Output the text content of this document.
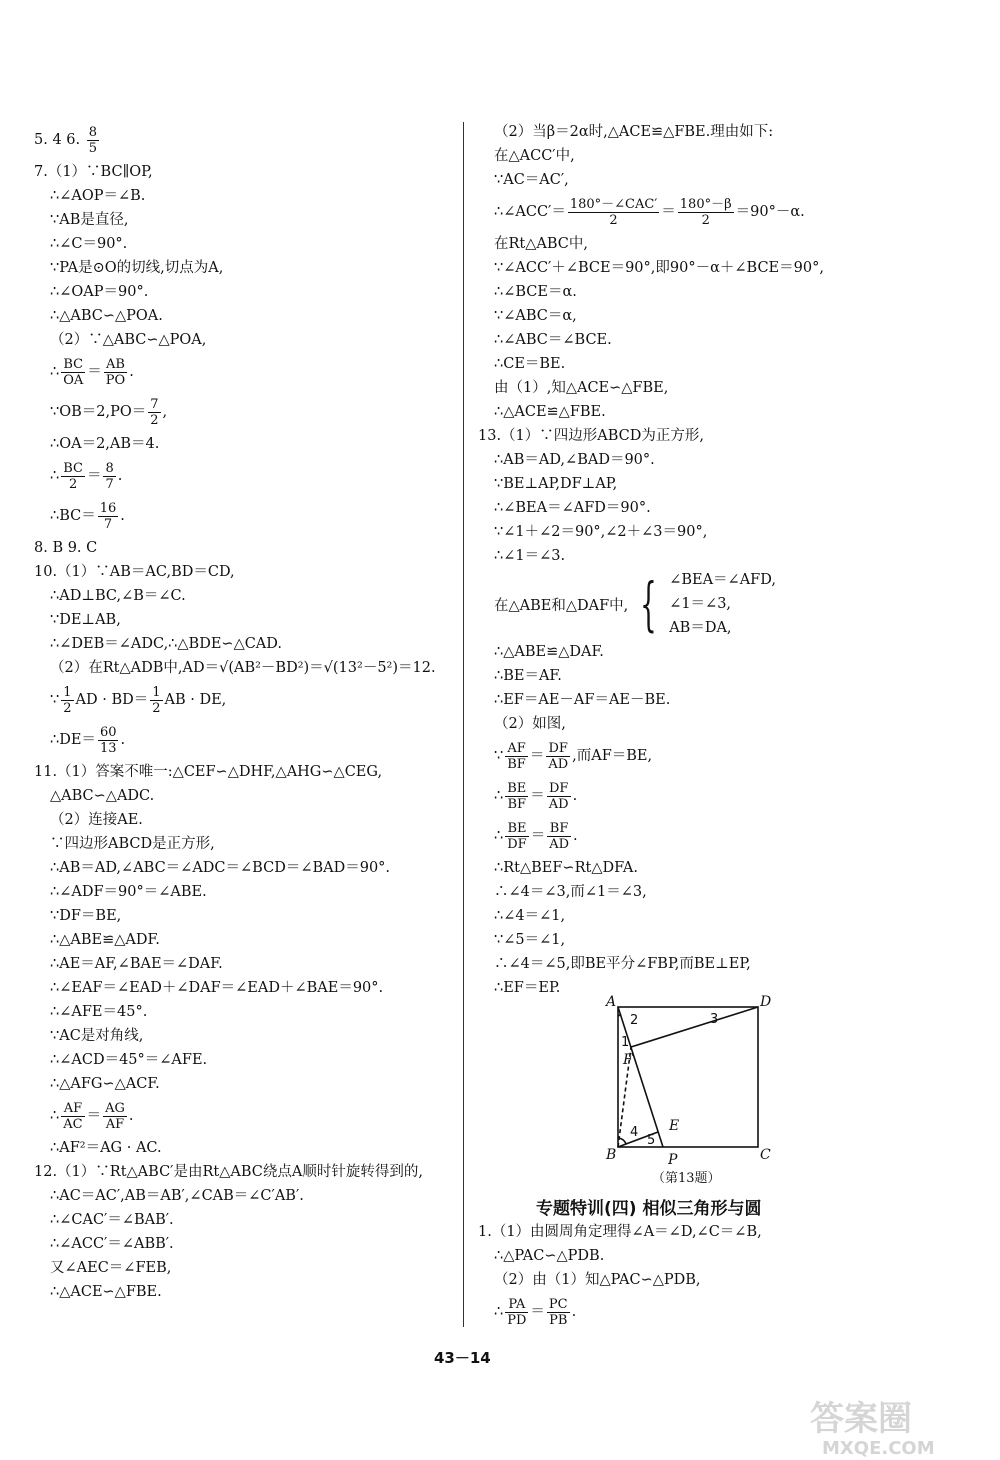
5. 4 6. $\frac{8}{5}$
7.（1）∵BC∥OP,
∴∠AOP＝∠B.
∵AB是直径,
∴∠C＝90°.
∵PA是⊙O的切线,切点为A,
∴∠OAP＝90°.
∴△ABC∽△POA.
（2）∵△ABC∽△POA,
∴ $\frac{BC}{OA} = \frac{AB}{PO}$ .
∵OB＝2,PO＝ $\frac{7}{2}$ ,
∴OA＝2,AB＝4.
∴ $\frac{BC}{2} = \frac{8}{7}$ .
∴BC＝ $\frac{16}{7}$ .
8. B 9. C
10.（1）∵AB＝AC,BD＝CD,
∴AD⊥BC,∠B＝∠C.
∵DE⊥AB,
∴∠DEB＝∠ADC,∴△BDE∽△CAD.
（2）在Rt△ADB中,AD＝√(AB²－BD²)＝√(13²－5²)＝12.
∵ $\frac{1}{2}$ AD · $BD= \frac{1}{2}$ AB · DE,
∴DE＝ $\frac{60}{13}$ .
11.（1）答案不唯一:△CEF∽△DHF,△AHG∽△CEG,
△ABC∽△ADC.
（2）连接AE.
∵四边形ABCD是正方形,
∴AB＝AD,∠ABC＝∠ADC＝∠BCD＝∠BAD＝90°.
∴∠ADF＝90°＝∠ABE.
∵DF＝BE,
∴△ABE≌△ADF.
∴AE＝AF,∠BAE＝∠DAF.
∴∠EAF＝∠EAD＋∠DAF＝∠EAD＋∠BAE＝90°.
∴∠AFE＝45°.
∵AC是对角线,
∴∠ACD＝45°＝∠AFE.
∴△AFG∽△ACF.
∴ $\frac{AF}{AC} = \frac{AG}{AF}$ .
∴AF²＝AG · AC.
12.（1）∵Rt△ABC′是由Rt△ABC绕点A顺时针旋转得到的,
∴AC＝AC′,AB＝AB′,∠CAB＝∠C′AB′.
∴∠CAC′＝∠BAB′.
∴∠ACC′＝∠ABB′.
又∠AEC＝∠FEB,
∴△ACE∽△FBE.
（2）当β＝2α时,△ACE≌△FBE.理由如下:
在△ACC′中,
∵AC＝AC′,
∴∠ACC′＝ $\frac{\text{180°－∠CAC′}}{2} = \frac{180^\circ-\beta}{2} =90^\circ-\alpha$.
在Rt△ABC中,
∵∠ACC′＋∠BCE＝90°,即90°－α＋∠BCE＝90°,
∴∠BCE＝α.
∵∠ABC＝α,
∴∠ABC＝∠BCE.
∴CE＝BE.
由（1）,知△ACE∽△FBE,
∴△ACE≌△FBE.
13.（1）∵四边形ABCD为正方形,
∴AB＝AD,∠BAD＝90°.
∵BE⊥AP,DF⊥AP,
∴∠BEA＝∠AFD＝90°.
∵∠1＋∠2＝90°,∠2＋∠3＝90°,
∴∠1＝∠3.
在△ABE和△DAF中, { ∠BEA＝∠AFD,
∠1＝∠3,
AB＝DA,
∴△ABE≌△DAF.
∴BE＝AF.
∴EF＝AE－AF＝AE－BE.
（2）如图,
∵ $\frac{AF}{BF} = \frac{DF}{AD}$ ,而AF＝BE,
∴ $\frac{BE}{BF} = \frac{DF}{AD}$ .
∴ $\frac{BE}{DF} = \frac{BF}{AD}$ .
∴Rt△BEF∽Rt△DFA.
∴∠4＝∠3,而∠1＝∠3,
∴∠4＝∠1,
∵∠5＝∠1,
∴∠4＝∠5,即BE平分∠FBP,而BE⊥EP,
∴EF＝EP.
A	D
B	C
E
F
P
1
2	3
4
5
（第13题）
专题特训(四) 相似三角形与圆
1.（1）由圆周角定理得∠A＝∠D,∠C＝∠B,
∴△PAC∽△PDB.
（2）由（1）知△PAC∽△PDB,
∴ $\frac{PA}{PD} = \frac{PC}{PB}$ .
43－14
答案圈
MXQE.COM
